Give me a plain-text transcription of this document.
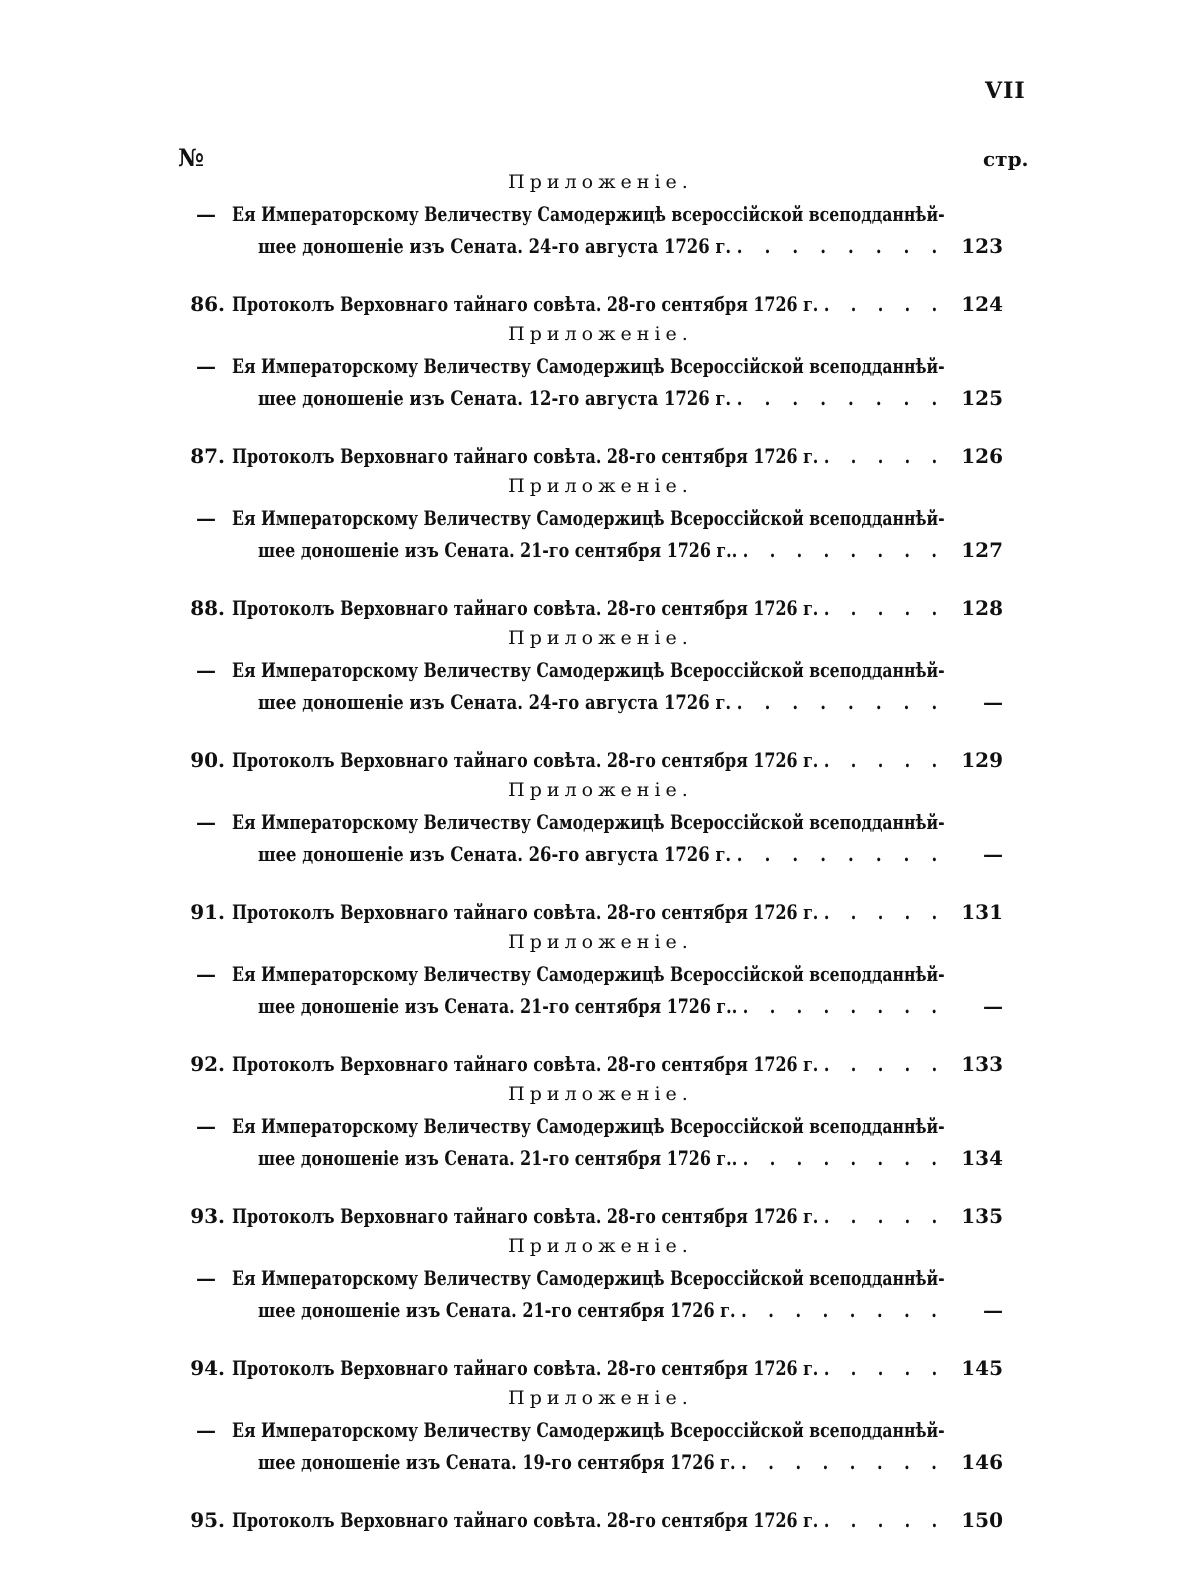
VII
№	стр.
Приложеніе.
— Ея Императорскому Величеству Самодержицѣ всероссійской всеподданнѣй-
шее доношеніе изъ Сената. 24-го августа 1726 г. . . . . . . . . 123
86. Протоколъ Верховнаго тайнаго совѣта. 28-го сентября 1726 г. . . . . . 124
Приложеніе.
— Ея Императорскому Величеству Самодержицѣ Всероссійской всеподданнѣй-
шее доношеніе изъ Сената. 12-го августа 1726 г. . . . . . . . . 125
87. Протоколъ Верховнаго тайнаго совѣта. 28-го сентября 1726 г. . . . . . 126
Приложеніе.
— Ея Императорскому Величеству Самодержицѣ Всероссійской всеподданнѣй-
шее доношеніе изъ Сената. 21-го сентября 1726 г.. . . . . . . . . 127
88. Протоколъ Верховнаго тайнаго совѣта. 28-го сентября 1726 г. . . . . . 128
Приложеніе.
— Ея Императорскому Величеству Самодержицѣ Всероссійской всеподданнѣй-
шее доношеніе изъ Сената. 24-го августа 1726 г. . . . . . . . . —
90. Протоколъ Верховнаго тайнаго совѣта. 28-го сентября 1726 г. . . . . . 129
Приложеніе.
— Ея Императорскому Величеству Самодержицѣ Всероссійской всеподданнѣй-
шее доношеніе изъ Сената. 26-го августа 1726 г. . . . . . . . . —
91. Протоколъ Верховнаго тайнаго совѣта. 28-го сентября 1726 г. . . . . . 131
Приложеніе.
— Ея Императорскому Величеству Самодержицѣ Всероссійской всеподданнѣй-
шее доношеніе изъ Сената. 21-го сентября 1726 г.. . . . . . . . . —
92. Протоколъ Верховнаго тайнаго совѣта. 28-го сентября 1726 г. . . . . . 133
Приложеніе.
— Ея Императорскому Величеству Самодержицѣ Всероссійской всеподданнѣй-
шее доношеніе изъ Сената. 21-го сентября 1726 г.. . . . . . . . . 134
93. Протоколъ Верховнаго тайнаго совѣта. 28-го сентября 1726 г. . . . . . 135
Приложеніе.
— Ея Императорскому Величеству Самодержицѣ Всероссійской всеподданнѣй-
шее доношеніе изъ Сената. 21-го сентября 1726 г. . . . . . . . . —
94. Протоколъ Верховнаго тайнаго совѣта. 28-го сентября 1726 г. . . . . . 145
Приложеніе.
— Ея Императорскому Величеству Самодержицѣ Всероссійской всеподданнѣй-
шее доношеніе изъ Сената. 19-го сентября 1726 г. . . . . . . . . 146
95. Протоколъ Верховнаго тайнаго совѣта. 28-го сентября 1726 г. . . . . . 150
